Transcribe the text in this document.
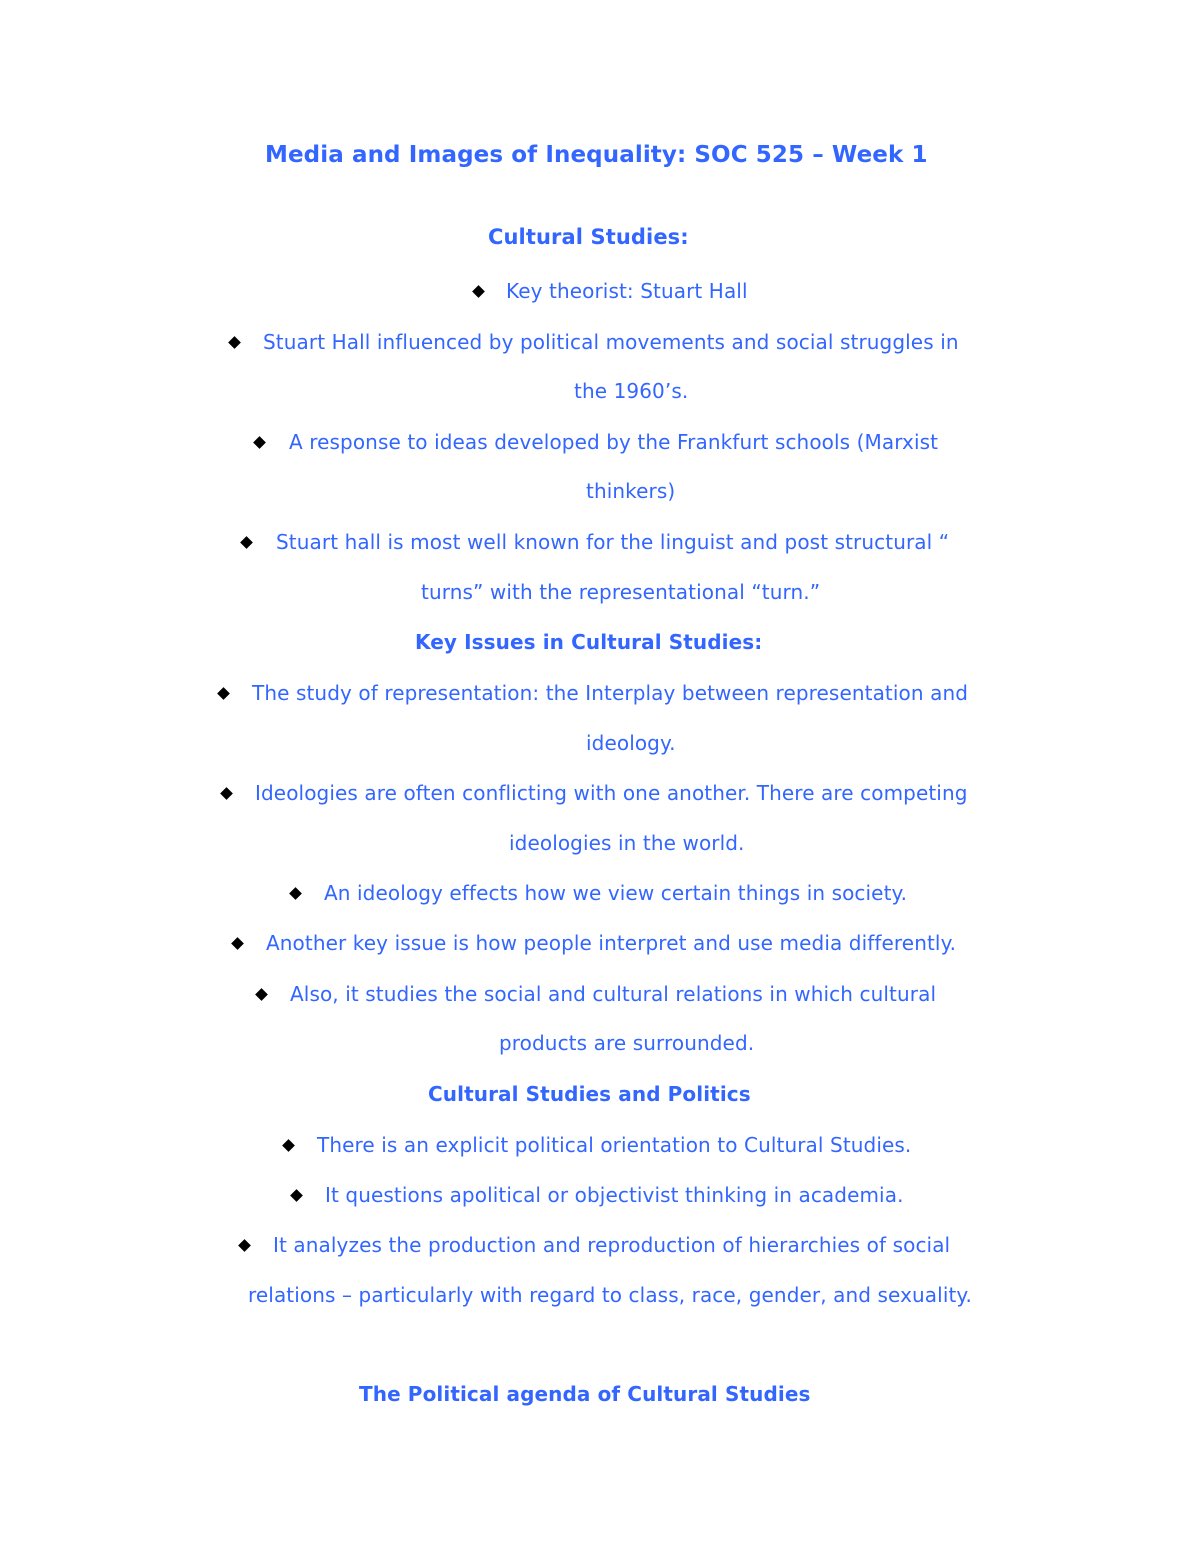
Media and Images of Inequality: SOC 525 – Week 1
Cultural Studies:
Key theorist: Stuart Hall
Stuart Hall influenced by political movements and social struggles in
the 1960’s.
A response to ideas developed by the Frankfurt schools (Marxist
thinkers)
Stuart hall is most well known for the linguist and post structural “
turns” with the representational “turn.”
Key Issues in Cultural Studies:
The study of representation: the Interplay between representation and
ideology.
Ideologies are often conflicting with one another. There are competing
ideologies in the world.
An ideology effects how we view certain things in society.
Another key issue is how people interpret and use media differently.
Also, it studies the social and cultural relations in which cultural
products are surrounded.
Cultural Studies and Politics
There is an explicit political orientation to Cultural Studies.
It questions apolitical or objectivist thinking in academia.
It analyzes the production and reproduction of hierarchies of social
relations – particularly with regard to class, race, gender, and sexuality.
The Political agenda of Cultural Studies
